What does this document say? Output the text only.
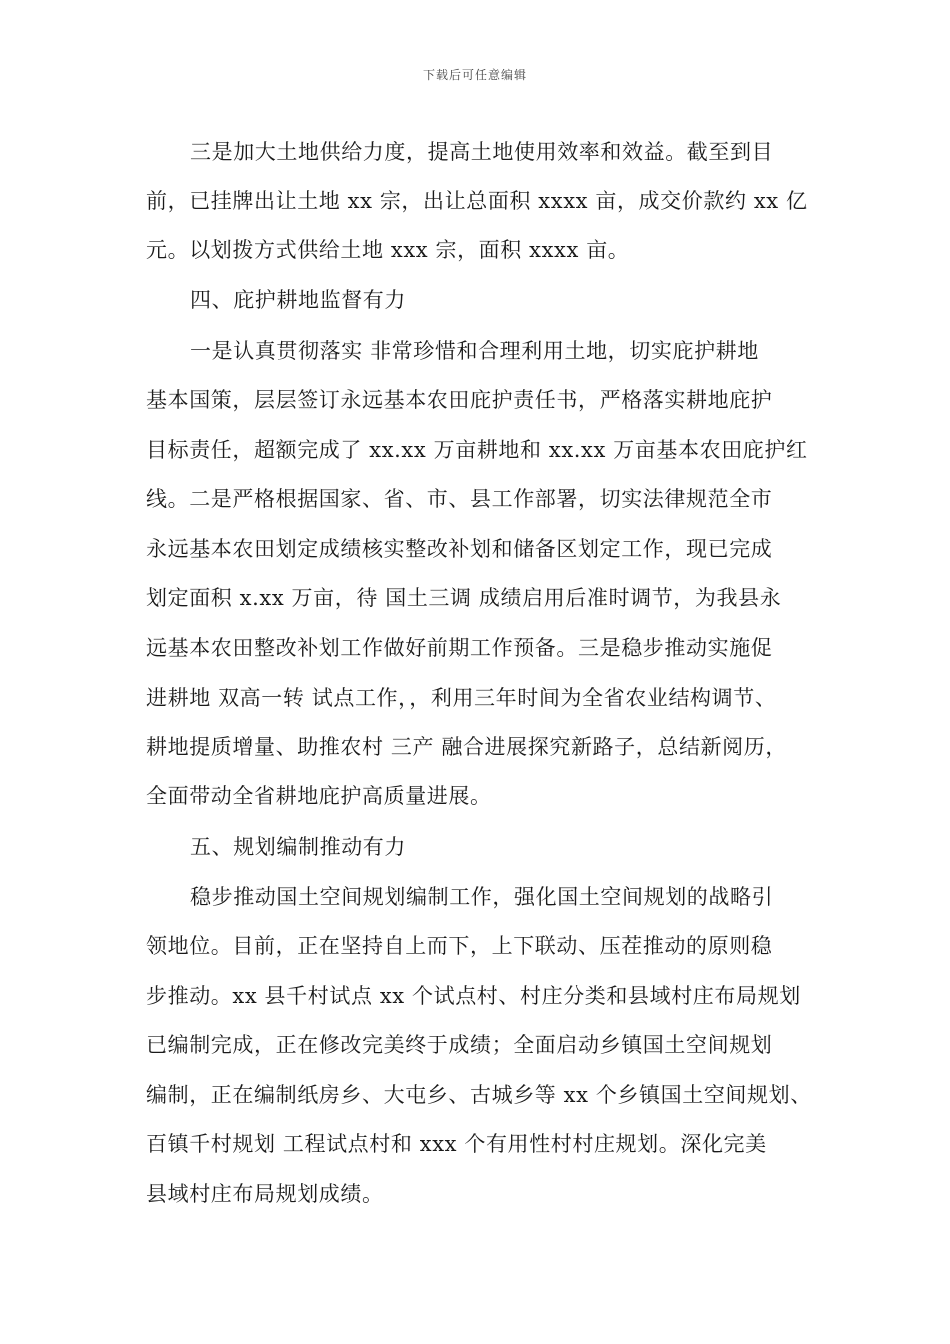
下载后可任意编辑
三是加大土地供给力度，提高土地使用效率和效益。截至到目
前，已挂牌出让土地 xx 宗，出让总面积 xxxx 亩，成交价款约 xx 亿
元。以划拨方式供给土地 xxx 宗，面积 xxxx 亩。
四、庇护耕地监督有力
一是认真贯彻落实 非常珍惜和合理利用土地，切实庇护耕地
基本国策，层层签订永远基本农田庇护责任书，严格落实耕地庇护
目标责任，超额完成了 xx.xx 万亩耕地和 xx.xx 万亩基本农田庇护红
线。二是严格根据国家、省、市、县工作部署，切实法律规范全市
永远基本农田划定成绩核实整改补划和储备区划定工作，现已完成
划定面积 x.xx 万亩，待 国土三调 成绩启用后准时调节，为我县永
远基本农田整改补划工作做好前期工作预备。三是稳步推动实施促
进耕地 双高一转 试点工作，，利用三年时间为全省农业结构调节、
耕地提质增量、助推农村 三产 融合进展探究新路子，总结新阅历，
全面带动全省耕地庇护高质量进展。
五、规划编制推动有力
稳步推动国土空间规划编制工作，强化国土空间规划的战略引
领地位。目前，正在坚持自上而下，上下联动、压茬推动的原则稳
步推动。xx 县千村试点 xx 个试点村、村庄分类和县域村庄布局规划
已编制完成，正在修改完美终于成绩；全面启动乡镇国土空间规划
编制，正在编制纸房乡、大屯乡、古城乡等 xx 个乡镇国土空间规划、
百镇千村规划 工程试点村和 xxx 个有用性村村庄规划。深化完美
县域村庄布局规划成绩。
